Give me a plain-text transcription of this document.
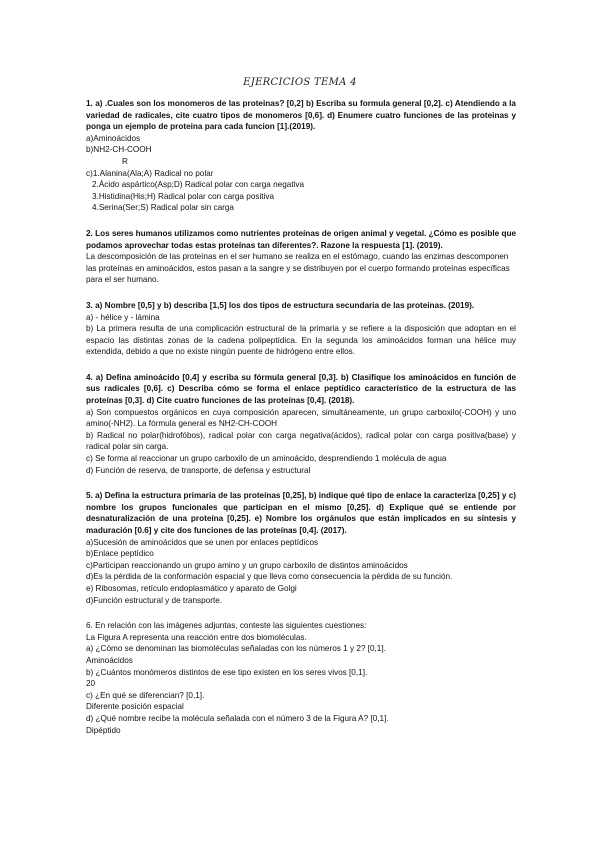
EJERCICIOS TEMA 4

1. a) .Cuales son los monomeros de las proteinas? [0,2] b) Escriba su formula general [0,2]. c) Atendiendo a la variedad de radicales, cite cuatro tipos de monomeros [0,6]. d) Enumere cuatro funciones de las proteinas y ponga un ejemplo de proteina para cada funcion [1].(2019).

a)Aminoácidos

b)NH2-CH-COOH

R

c)1.Alanina(Ala;A) Radical no polar

2.Ácido aspártico(Asp;D) Radical polar con carga negativa

3.Histidina(His;H) Radical polar con carga positiva

4.Serina(Ser;S) Radical polar sin carga

2. Los seres humanos utilizamos como nutrientes proteínas de origen animal y vegetal. ¿Cómo es posible que podamos aprovechar todas estas proteínas tan diferentes?. Razone la respuesta [1]. (2019).

La descomposición de las proteínas en el ser humano se realiza en el estómago, cuando las enzimas descomponen las proteínas en aminoácidos, estos pasan a la sangre y se distribuyen por el cuerpo formando proteínas específicas para el ser humano.

3. a) Nombre [0,5] y b) describa [1,5] los dos tipos de estructura secundaria de las proteínas. (2019).

a) - hélice y - lámina

b) La primera resulta de una complicación estructural de la primaria y se refiere a la disposición que adoptan en el espacio las distintas zonas de la cadena polipeptídica. En la segunda los aminoácidos forman una hélice muy extendida, debido a que no existe ningún puente de hidrógeno entre ellos.

4. a) Defina aminoácido [0,4] y escriba su fórmula general [0,3]. b) Clasifique los aminoácidos en función de sus radicales [0,6]. c) Describa cómo se forma el enlace peptídico característico de la estructura de las proteínas [0,3]. d) Cite cuatro funciones de las proteínas [0,4]. (2018).

a) Son compuestos orgánicos en cuya composición aparecen, simultáneamente, un grupo carboxilo(-COOH) y uno amino(-NH2). La fórmula general es NH2-CH-COOH

b) Radical no polar(hidrofóbos), radical polar con carga negativa(ácidos), radical polar con carga positiva(base) y radical polar sin carga.

c) Se forma al reaccionar un grupo carboxilo de un aminoácido, desprendiendo 1 molécula de agua

d) Función de reserva, de transporte, de defensa y estructural

5. a) Defina la estructura primaria de las proteínas [0,25], b) indique qué tipo de enlace la caracteriza [0,25] y c) nombre los grupos funcionales que participan en el mismo [0,25]. d) Explique qué se entiende por desnaturalización de una proteína [0,25]. e) Nombre los orgánulos que están implicados en su síntesis y maduración [0.6] y cite dos funciones de las proteínas [0,4]. (2017).

a)Sucesión de aminoácidos que se unen por enlaces peptídicos

b)Enlace peptídico

c)Participan reaccionando un grupo amino y un grupo carboxilo de distintos aminoácidos

d)Es la pérdida de la conformación espacial y que lleva como consecuencia la pérdida de su función.

e) Ribosomas, retículo endoplasmático y aparato de Golgi

d)Función estructural y de transporte.

6. En relación con las imágenes adjuntas, conteste las siguientes cuestiones:

La Figura A representa una reacción entre dos biomoléculas.

a) ¿Cómo se denominan las biomoléculas señaladas con los números 1 y 2? [0,1].

Aminoácidos

b) ¿Cuántos monómeros distintos de ese tipo existen en los seres vivos [0,1].

20

c) ¿En qué se diferencian? [0,1].

Diferente posición espacial

d) ¿Qué nombre recibe la molécula señalada con el número 3 de la Figura A? [0,1].

Dipéptido
